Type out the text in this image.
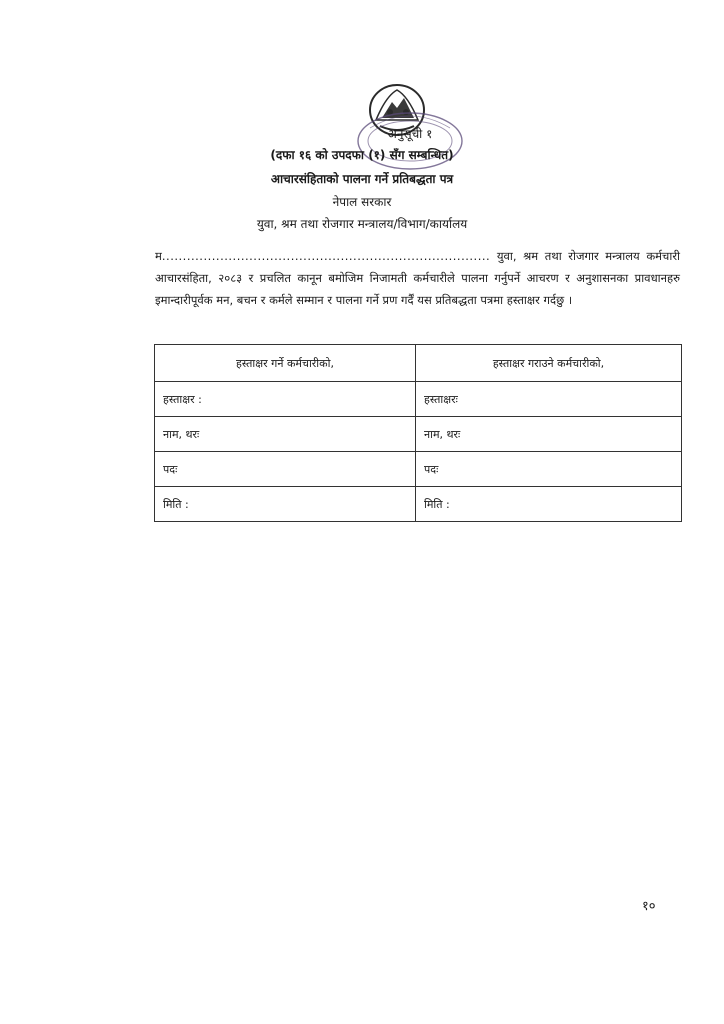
अनुसूची १
(दफा १६ को उपदफा (१) सँग सम्बन्धित)
आचारसंहिताको पालना गर्ने प्रतिबद्धता पत्र
नेपाल सरकार
युवा, श्रम तथा रोजगार मन्त्रालय/विभाग/कार्यालय
म............................................................................... युवा, श्रम तथा रोजगार मन्त्रालय कर्मचारी आचारसंहिता, २०८३ र प्रचलित कानून बमोजिम निजामती कर्मचारीले पालना गर्नुपर्ने आचरण र अनुशासनका प्रावधानहरु इमान्दारीपूर्वक मन, बचन र कर्मले सम्मान र पालना गर्ने प्रण गर्दैं यस प्रतिबद्धता पत्रमा हस्ताक्षर गर्दछु ।
हस्ताक्षर गर्ने कर्मचारीको,	हस्ताक्षर गराउने कर्मचारीको,
हस्ताक्षर :	हस्ताक्षरः
नाम, थरः	नाम, थरः
पदः	पदः
मिति :	मिति :
१०
